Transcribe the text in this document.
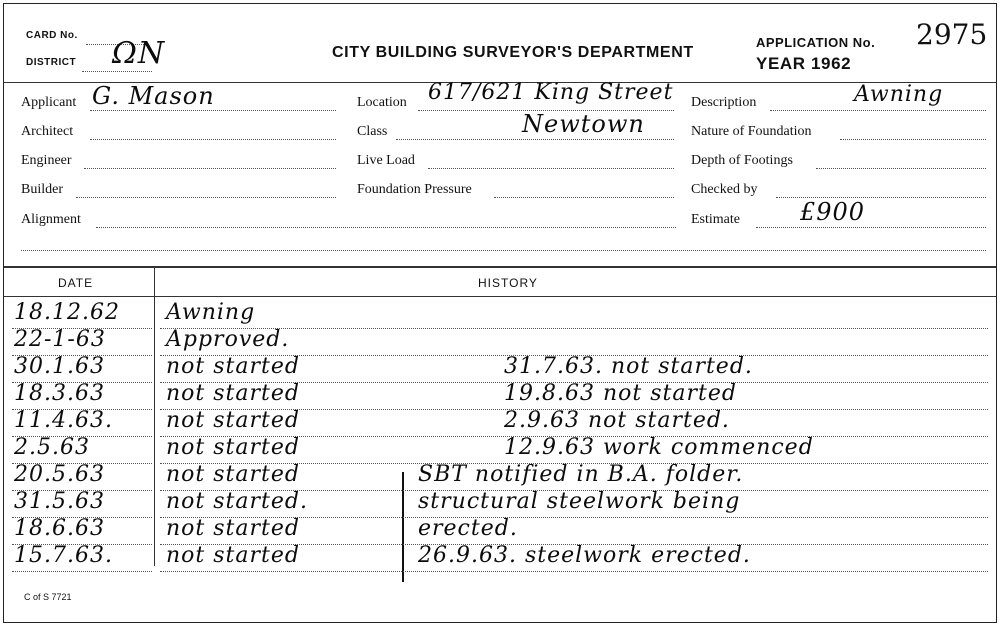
CARD No.
DISTRICT ΩN	CITY BUILDING SURVEYOR'S DEPARTMENT
APPLICATION No. 2975
YEAR 1962
Applicant G. Mason
Architect
Engineer
Builder
Alignment
Location 617/621 King Street
Class	Newtown
Live Load
Foundation Pressure
Description	Awning
Nature of Foundation
Depth of Footings
Checked by
Estimate	£900
DATE	HISTORY
C of S 7721
18.12.62 Awning
22-1-63	Approved.
30.1.63	not started	31.7.63. not started.
18.3.63	not started	19.8.63 not started
11.4.63. not started	2.9.63 not started.
2.5.63	not started	12.9.63 work commenced
20.5.63	not started	SBT notified in B.A. folder.
31.5.63	not started.	structural steelwork being
18.6.63	not started	erected.
15.7.63. not started	26.9.63. steelwork erected.
